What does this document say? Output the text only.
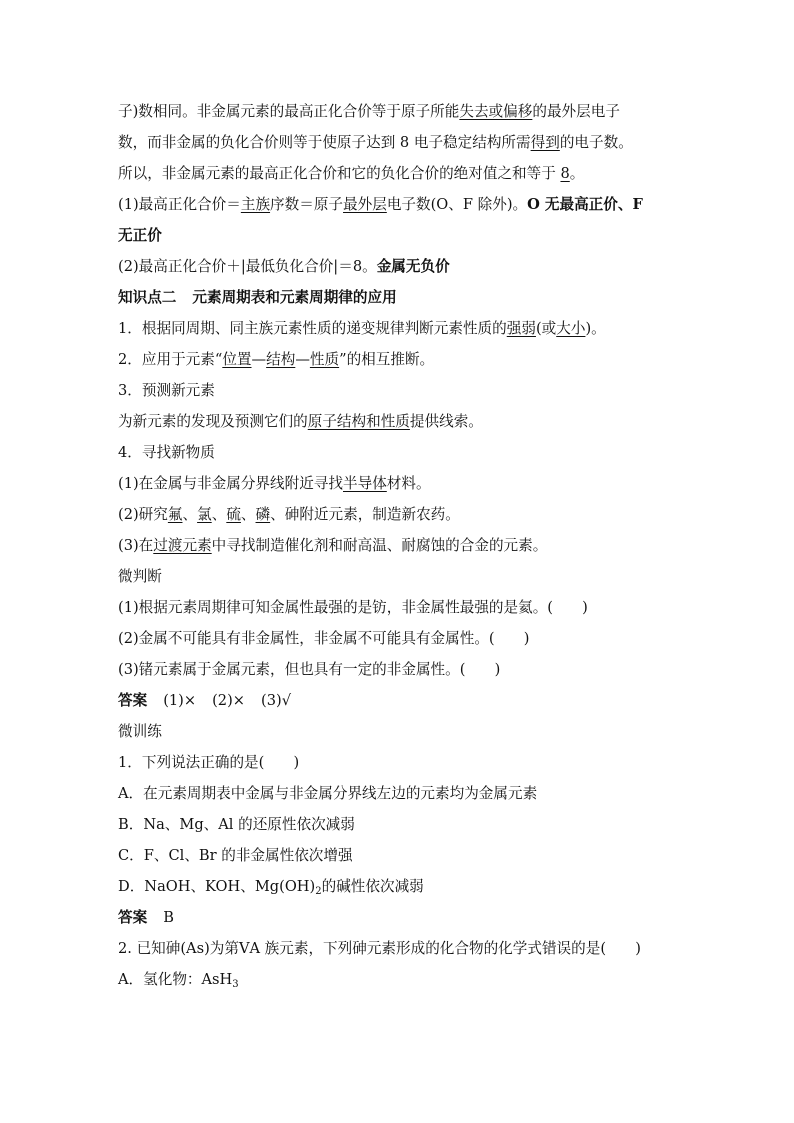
子)数相同。非金属元素的最高正化合价等于原子所能失去或偏移的最外层电子
数，而非金属的负化合价则等于使原子达到 8 电子稳定结构所需得到的电子数。
所以，非金属元素的最高正化合价和它的负化合价的绝对值之和等于 8。
(1)最高正化合价＝主族序数＝原子最外层电子数(O、F 除外)。O 无最高正价、F
无正价
(2)最高正化合价＋|最低负化合价|＝8。金属无负价
知识点二 元素周期表和元素周期律的应用
1．根据同周期、同主族元素性质的递变规律判断元素性质的强弱(或大小)。
2．应用于元素“位置—结构—性质”的相互推断。
3．预测新元素
为新元素的发现及预测它们的原子结构和性质提供线索。
4．寻找新物质
(1)在金属与非金属分界线附近寻找半导体材料。
(2)研究氟、氯、硫、磷、砷附近元素，制造新农药。
(3)在过渡元素中寻找制造催化剂和耐高温、耐腐蚀的合金的元素。
微判断
(1)根据元素周期律可知金属性最强的是钫，非金属性最强的是氦。(　　)
(2)金属不可能具有非金属性，非金属不可能具有金属性。(　　)
(3)锗元素属于金属元素，但也具有一定的非金属性。(　　)
答案 (1)× (2)× (3)√
微训练
1．下列说法正确的是(　　)
A．在元素周期表中金属与非金属分界线左边的元素均为金属元素
B．Na、Mg、Al 的还原性依次减弱
C．F、Cl、Br 的非金属性依次增强
D．NaOH、KOH、$Mg(OH)_2$的碱性依次减弱
答案 B
2. 已知砷(As)为第ⅤA 族元素，下列砷元素形成的化合物的化学式错误的是(　　)
A．氢化物：AsH$_3$
